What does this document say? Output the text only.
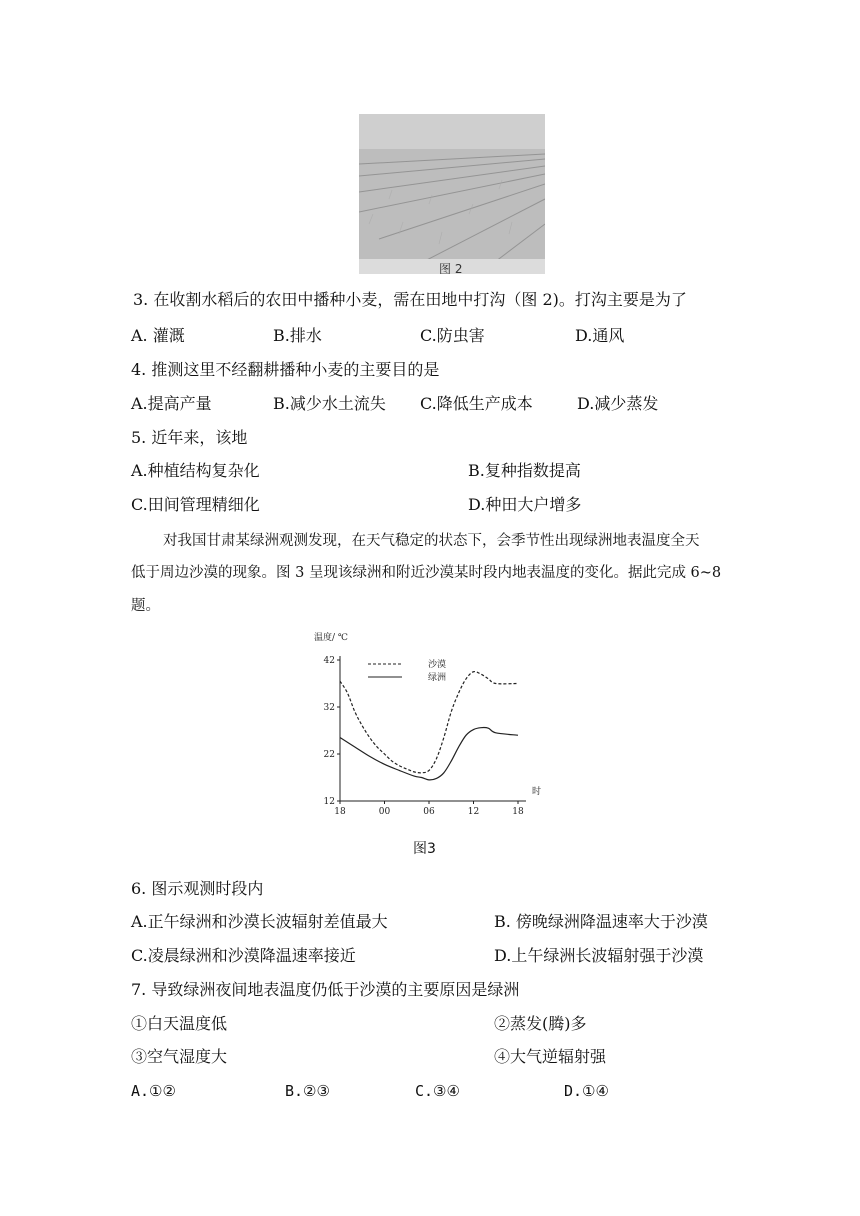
图 2
3. 在收割水稻后的农田中播种小麦，需在田地中打沟（图 2)。打沟主要是为了
A. 灌溉	B.排水	C.防虫害	D.通风
4. 推测这里不经翻耕播种小麦的主要目的是
A.提高产量	B.减少水土流失 C.降低生产成本	D.减少蒸发
5. 近年来，该地
A.种植结构复杂化	B.复种指数提高
C.田间管理精细化	D.种田大户增多
对我国甘肃某绿洲观测发现，在天气稳定的状态下，会季节性出现绿洲地表温度全天
低于周边沙漠的现象。图 3 呈现该绿洲和附近沙漠某时段内地表温度的变化。据此完成 6~8
题。
温度/ ℃
时
42
32
22
12
18	00	06	12	18
沙漠
绿洲
图3
6. 图示观测时段内
A.正午绿洲和沙漠长波辐射差值最大	B. 傍晚绿洲降温速率大于沙漠
C.凌晨绿洲和沙漠降温速率接近	D.上午绿洲长波辐射强于沙漠
7. 导致绿洲夜间地表温度仍低于沙漠的主要原因是绿洲
①白天温度低	②蒸发(腾)多
③空气湿度大	④大气逆辐射强
A.①②	B.②③	C.③④	D.①④
